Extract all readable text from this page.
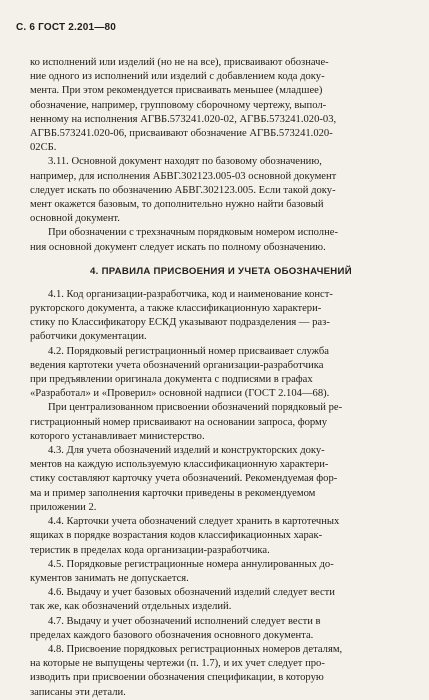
С. 6 ГОСТ 2.201—80

ко исполнений или изделий (но не на все), присваивают обозначе-
ние одного из исполнений или изделий с добавлением кода доку-
мента. При этом рекомендуется присваивать меньшее (младшее)
обозначение, например, групповому сборочному чертежу, выпол-
ненному на исполнения АГВБ.573241.020-02, АГВБ.573241.020-03,
АГВБ.573241.020-06, присваивают обозначение АГВБ.573241.020-
02СБ.

3.11. Основной документ находят по базовому обозначению,
например, для исполнения АБВГ.302123.005-03 основной документ
следует искать по обозначению АБВГ.302123.005. Если такой доку-
мент окажется базовым, то дополнительно нужно найти базовый
основной документ.

При обозначении с трехзначным порядковым номером исполне-
ния основной документ следует искать по полному обозначению.

4. ПРАВИЛА ПРИСВОЕНИЯ И УЧЕТА ОБОЗНАЧЕНИЙ

4.1. Код организации-разработчика, код и наименование конст-
рукторского документа, а также классификационную характери-
стику по Классификатору ЕСКД указывают подразделения — раз-
работчики документации.

4.2. Порядковый регистрационный номер присваивает служба
ведения картотеки учета обозначений организации-разработчика
при предъявлении оригинала документа с подписями в графах
«Разработал» и «Проверил» основной надписи (ГОСТ 2.104—68).

При централизованном присвоении обозначений порядковый ре-
гистрационный номер присваивают на основании запроса, форму
которого устанавливает министерство.

4.3. Для учета обозначений изделий и конструкторских доку-
ментов на каждую используемую классификационную характери-
стику составляют карточку учета обозначений. Рекомендуемая фор-
ма и пример заполнения карточки приведены в рекомендуемом
приложении 2.

4.4. Карточки учета обозначений следует хранить в картотечных
ящиках в порядке возрастания кодов классификационных харак-
теристик в пределах кода организации-разработчика.

4.5. Порядковые регистрационные номера аннулированных до-
кументов занимать не допускается.

4.6. Выдачу и учет базовых обозначений изделий следует вести
так же, как обозначений отдельных изделий.

4.7. Выдачу и учет обозначений исполнений следует вести в
пределах каждого базового обозначения основного документа.

4.8. Присвоение порядковых регистрационных номеров деталям,
на которые не выпущены чертежи (п. 1.7), и их учет следует про-
изводить при присвоении обозначения спецификации, в которую
записаны эти детали.
